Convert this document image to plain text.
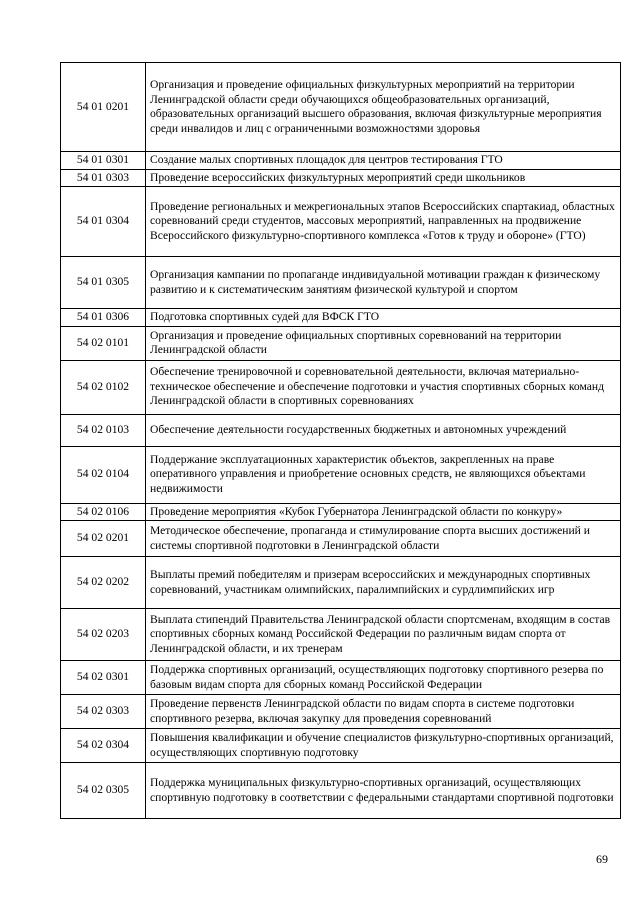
54 01 0201	Организация и проведение официальных физкультурных мероприятий на территории Ленинградской области среди обучающихся общеобразовательных организаций, образовательных организаций высшего образования, включая физкультурные мероприятия среди инвалидов и лиц с ограниченными возможностями здоровья
54 01 0301	Создание малых спортивных площадок для центров тестирования ГТО
54 01 0303	Проведение всероссийских физкультурных мероприятий среди школьников
54 01 0304	Проведение региональных и межрегиональных этапов Всероссийских спартакиад, областных соревнований среди студентов, массовых мероприятий, направленных на продвижение Всероссийского физкультурно-спортивного комплекса «Готов к труду и обороне» (ГТО)
54 01 0305	Организация кампании по пропаганде индивидуальной мотивации граждан к физическому развитию и к систематическим занятиям физической культурой и спортом
54 01 0306	Подготовка спортивных судей для ВФСК ГТО
54 02 0101	Организация и проведение официальных спортивных соревнований на территории Ленинградской области
54 02 0102	Обеспечение тренировочной и соревновательной деятельности, включая материально-техническое обеспечение и обеспечение подготовки и участия спортивных сборных команд Ленинградской области в спортивных соревнованиях
54 02 0103	Обеспечение деятельности государственных бюджетных и автономных учреждений
54 02 0104	Поддержание эксплуатационных характеристик объектов, закрепленных на праве оперативного управления и приобретение основных средств, не являющихся объектами недвижимости
54 02 0106	Проведение мероприятия «Кубок Губернатора Ленинградской области по конкуру»
54 02 0201	Методическое обеспечение, пропаганда и стимулирование спорта высших достижений и системы спортивной подготовки в Ленинградской области
54 02 0202	Выплаты премий победителям и призерам всероссийских и международных спортивных соревнований, участникам олимпийских, паралимпийских и сурдлимпийских игр
54 02 0203	Выплата стипендий Правительства Ленинградской области спортсменам, входящим в состав спортивных сборных команд Российской Федерации по различным видам спорта от Ленинградской области, и их тренерам
54 02 0301	Поддержка спортивных организаций, осуществляющих подготовку спортивного резерва по базовым видам спорта для сборных команд Российской Федерации
54 02 0303	Проведение первенств Ленинградской области по видам спорта в системе подготовки спортивного резерва, включая закупку для проведения соревнований
54 02 0304	Повышения квалификации и обучение специалистов физкультурно-спортивных организаций, осуществляющих спортивную подготовку
54 02 0305	Поддержка муниципальных физкультурно-спортивных организаций, осуществляющих спортивную подготовку в соответствии с федеральными стандартами спортивной подготовки
69
